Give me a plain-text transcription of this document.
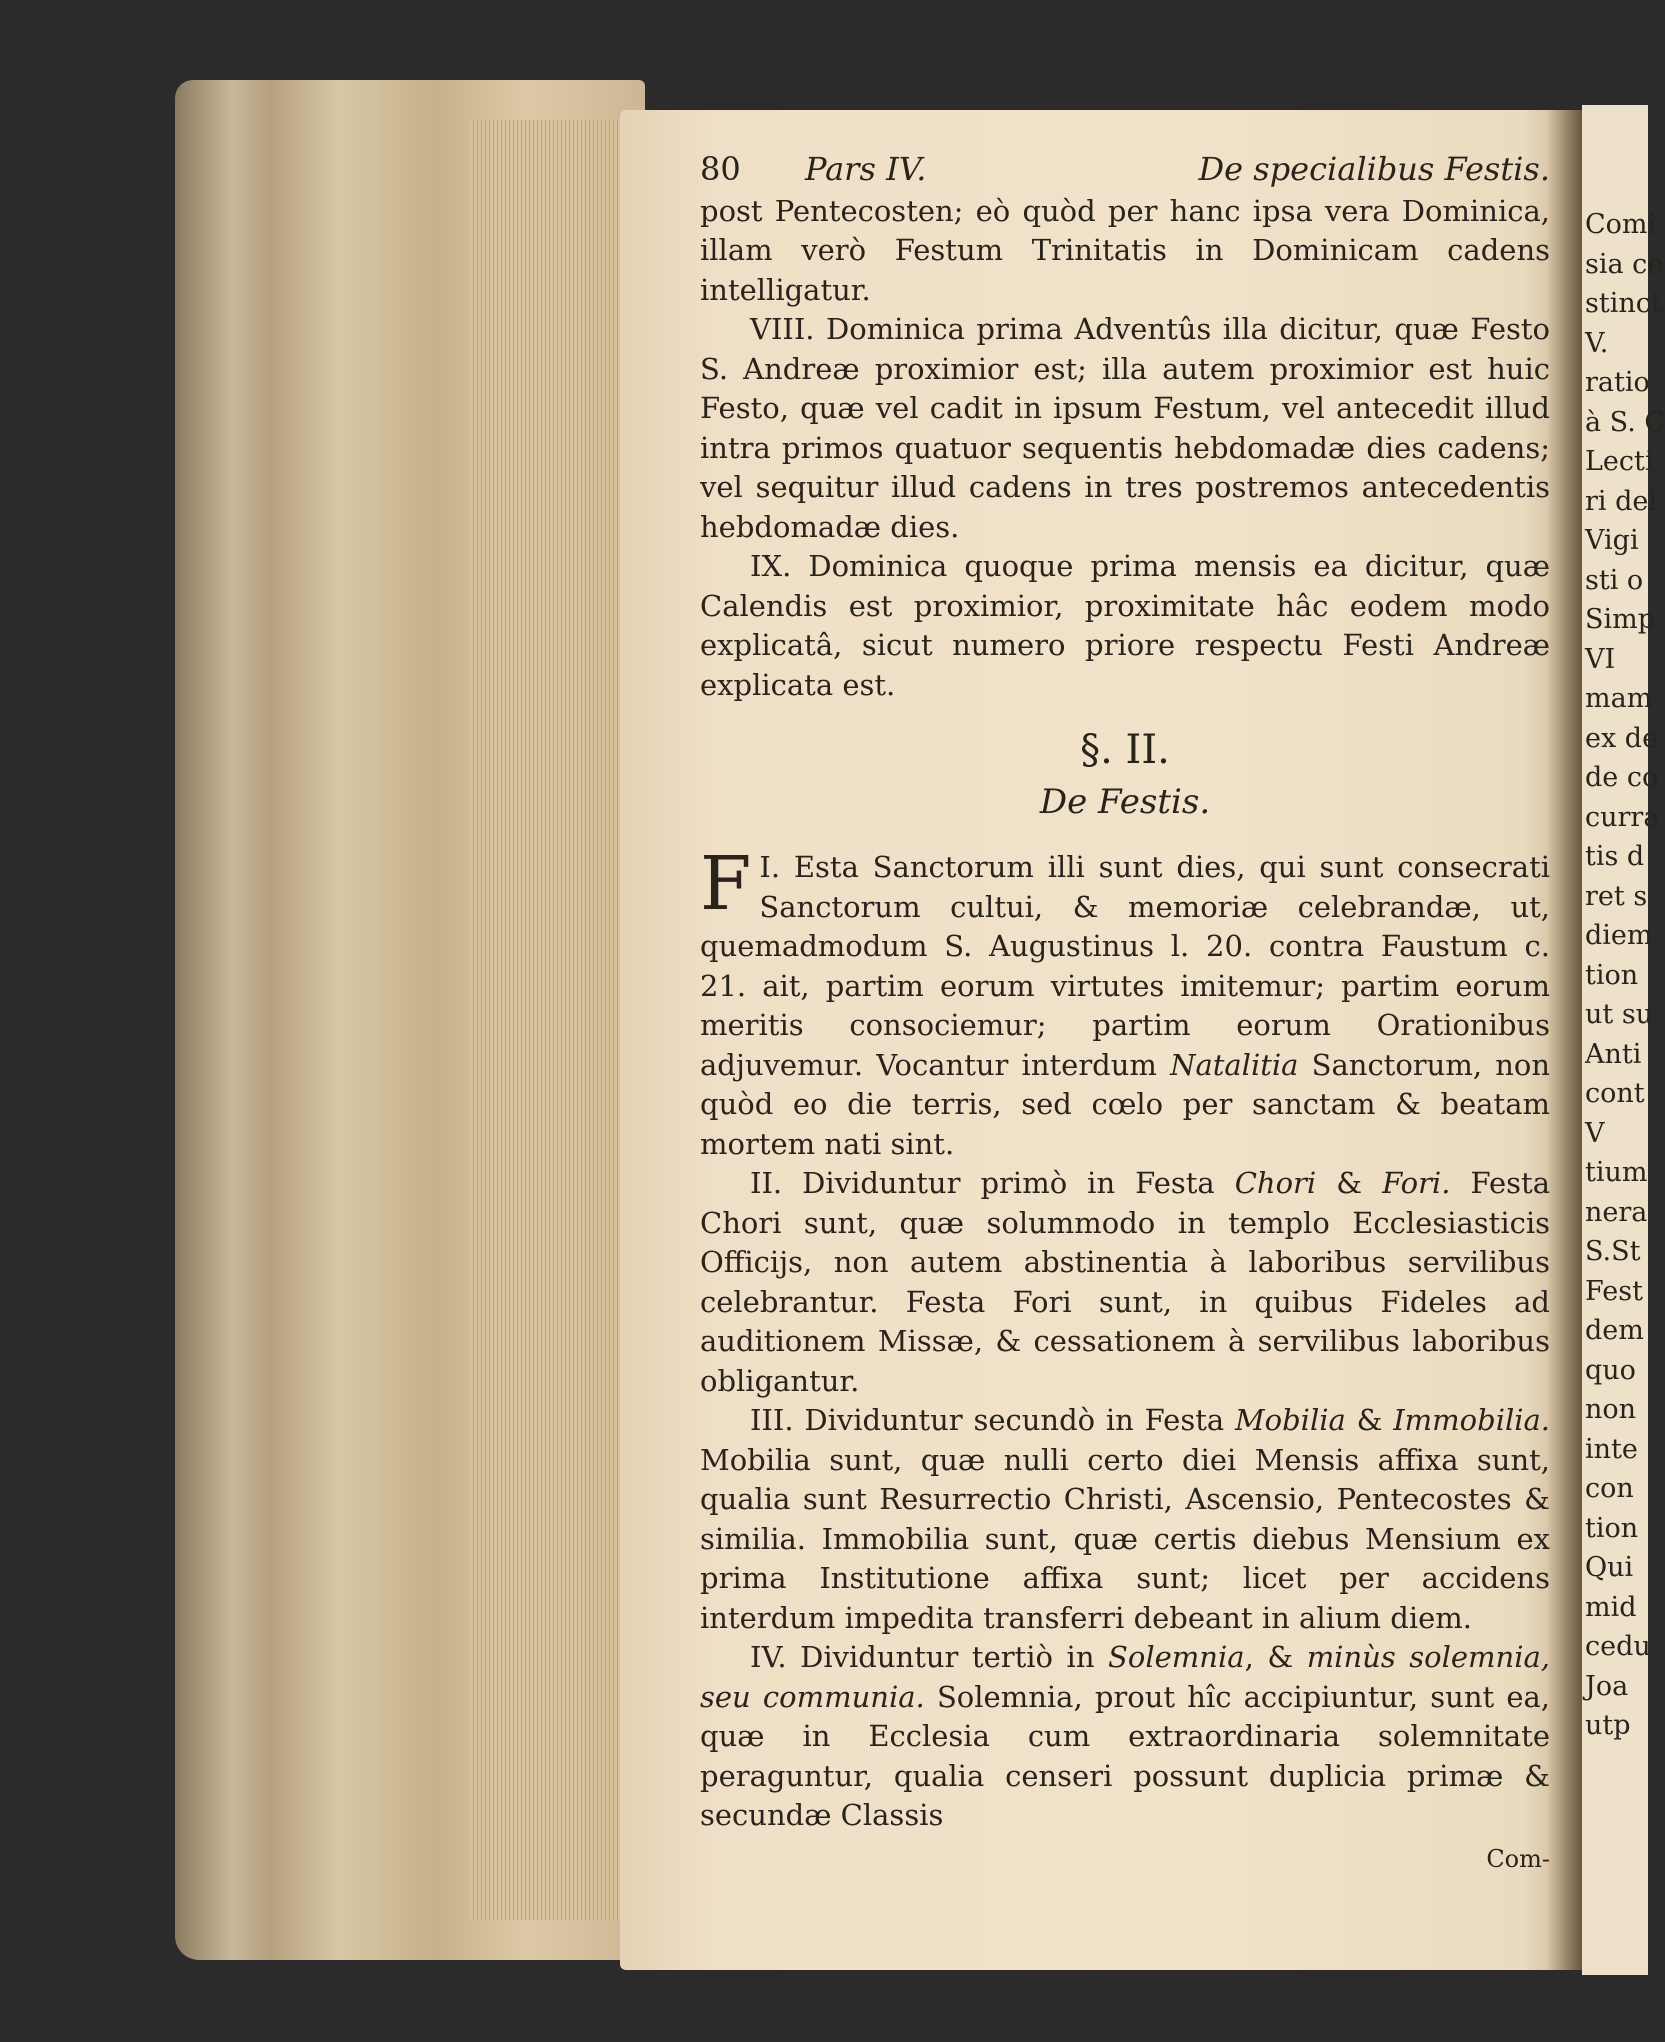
80	Pars IV.	De specialibus Festis.

post Pentecosten; eò quòd per hanc ipsa vera Dominica, illam verò Festum Trinitatis in Dominicam cadens intelligatur.

VIII. Dominica prima Adventûs illa dicitur, quæ Festo S. Andreæ proximior est; illa autem proximior est huic Festo, quæ vel cadit in ipsum Festum, vel antecedit illud intra primos quatuor sequentis hebdomadæ dies cadens; vel sequitur illud cadens in tres postremos antecedentis hebdomadæ dies.

IX. Dominica quoque prima mensis ea dicitur, quæ Calendis est proximior, proximitate hâc eodem modo explicatâ, sicut numero priore respectu Festi Andreæ explicata est.

§. II.
De Festis.

I.
F Esta Sanctorum illi sunt dies, qui sunt consecrati Sanctorum cultui, & memoriæ celebrandæ, ut, quemadmodum S. Augustinus l. 20. contra Faustum c. 21. ait, partim eorum virtutes imitemur; partim eorum meritis consociemur; partim eorum Orationibus adjuvemur. Vocantur interdum Natalitia Sanctorum, non quòd eo die terris, sed cœlo per sanctam & beatam mortem nati sint.

II. Dividuntur primò in Festa Chori & Fori. Festa Chori sunt, quæ solummodo in templo Ecclesiasticis Officijs, non autem abstinentia à laboribus servilibus celebrantur. Festa Fori sunt, in quibus Fideles ad auditionem Missæ, & cessationem à servilibus laboribus obligantur.

III. Dividuntur secundò in Festa Mobilia & Immobilia. Mobilia sunt, quæ nulli certo diei Mensis affixa sunt, qualia sunt Resurrectio Christi, Ascensio, Pentecostes & similia. Immobilia sunt, quæ certis diebus Mensium ex prima Institutione affixa sunt; licet per accidens interdum impedita transferri debeant in alium diem.

IV. Dividuntur tertiò in Solemnia, & minùs solemnia, seu communia. Solemnia, prout hîc accipiuntur, sunt ea, quæ in Ecclesia cum extraordinaria solemnitate peraguntur, qualia censeri possunt duplicia primæ & secundæ Classis

Com-
Comi
sia ce
stinct
V.
ratio
à S. C
Lecti
ri del
Vigi
sti o
Simp
VI
mam
ex de
de co
curra
tis d
ret s
diem
tion
ut su
Anti
cont
V
tium
nera
S.St
Fest
dem
quo
non
inte
con
tion
Qui
mid
cedu
Joa
utp
